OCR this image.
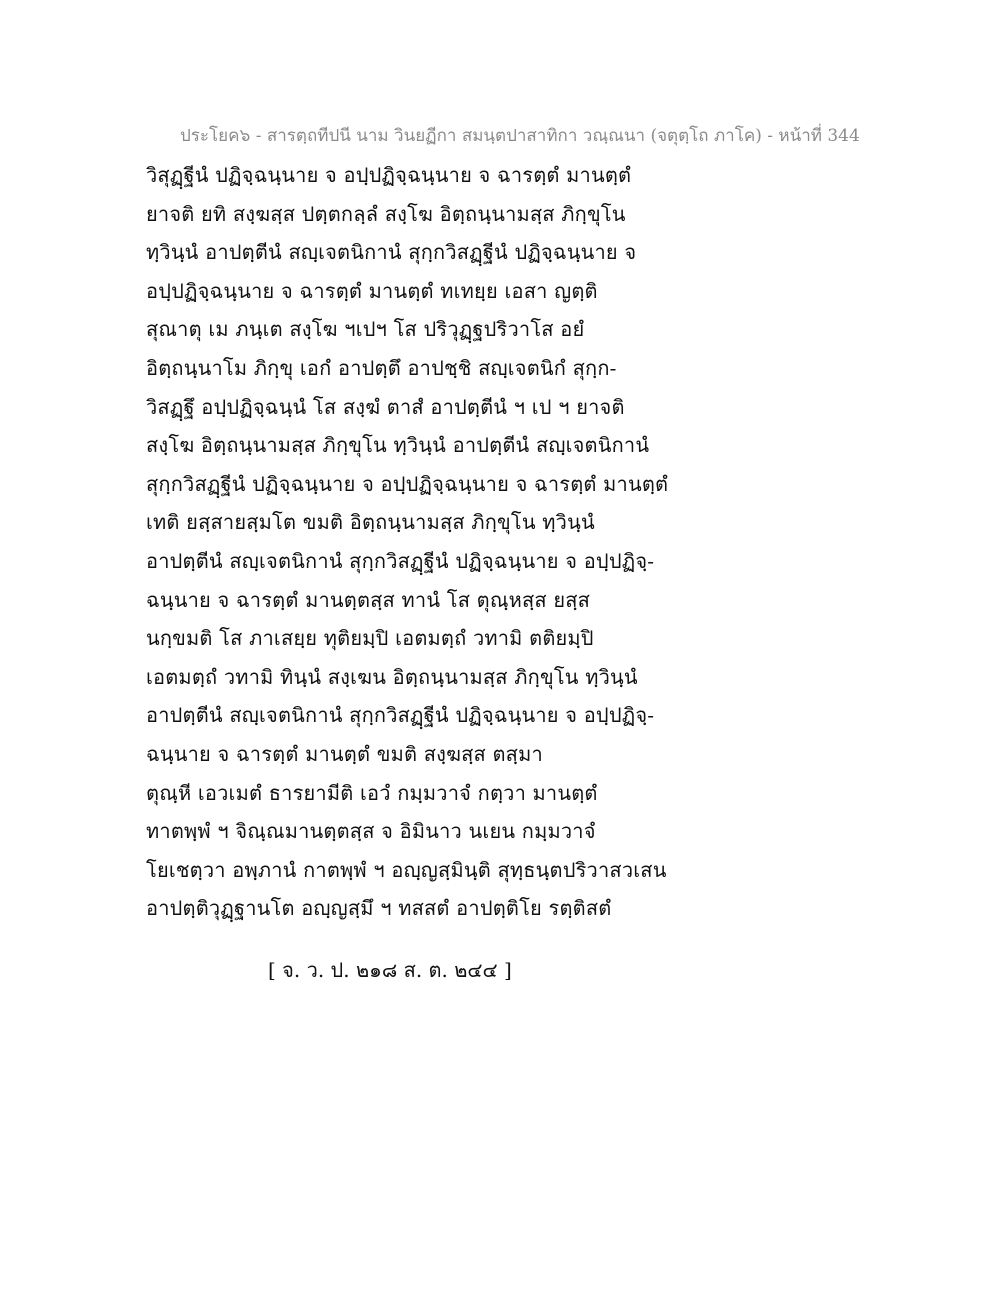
ประโยค๖ - สารตฺถทีปนี นาม วินยฏีกา สมนฺตปาสาทิกา วณฺณนา (จตุตฺโถ ภาโค) - หน้าที่ 344
วิสุฏฺฐีนํ ปฏิจฺฉนฺนาย จ อปฺปฏิจฺฉนฺนาย จ ฉารตฺตํ มานตฺตํ
ยาจติ ยทิ สงฺฆสฺส ปตฺตกลฺลํ สงฺโฆ อิตฺถนฺนามสฺส ภิกฺขุโน
ทฺวินฺนํ อาปตฺตีนํ สญฺเจตนิกานํ สุกฺกวิสฏฺฐีนํ ปฏิจฺฉนฺนาย จ
อปฺปฏิจฺฉนฺนาย จ ฉารตฺตํ มานตฺตํ ทเทยฺย เอสา ญตฺติ
สุณาตุ เม ภนฺเต สงฺโฆ ฯเปฯ โส ปริวุฏฺฐปริวาโส อยํ
อิตฺถนฺนาโม ภิกฺขุ เอกํ อาปตฺตึ อาปชฺชิ สญฺเจตนิกํ สุกฺก-
วิสฏฺฐึ อปฺปฏิจฺฉนฺนํ โส สงฺฆํ ตาสํ อาปตฺตีนํ ฯ เป ฯ ยาจติ
สงฺโฆ อิตฺถนฺนามสฺส ภิกฺขุโน ทฺวินฺนํ อาปตฺตีนํ สญฺเจตนิกานํ
สุกฺกวิสฏฺฐีนํ ปฏิจฺฉนฺนาย จ อปฺปฏิจฺฉนฺนาย จ ฉารตฺตํ มานตฺตํ
เทติ ยสฺสายสฺมโต ขมติ อิตฺถนฺนามสฺส ภิกฺขุโน ทฺวินฺนํ
อาปตฺตีนํ สญฺเจตนิกานํ สุกฺกวิสฏฺฐีนํ ปฏิจฺฉนฺนาย จ อปฺปฏิจฺ-
ฉนฺนาย จ ฉารตฺตํ มานตฺตสฺส ทานํ โส ตุณฺหสฺส ยสฺส
นกฺขมติ โส ภาเสยฺย ทุติยมฺปิ เอตมตฺถํ วทามิ ตติยมฺปิ
เอตมตฺถํ วทามิ ทินฺนํ สงฺเฆน อิตฺถนฺนามสฺส ภิกฺขุโน ทฺวินฺนํ
อาปตฺตีนํ สญฺเจตนิกานํ สุกฺกวิสฏฺฐีนํ ปฏิจฺฉนฺนาย จ อปฺปฏิจฺ-
ฉนฺนาย จ ฉารตฺตํ มานตฺตํ ขมติ สงฺฆสฺส ตสฺมา
ตุณฺหี เอวเมตํ ธารยามีติ เอวํ กมฺมวาจํ กตฺวา มานตฺตํ
ทาตพฺพํ ฯ จิณฺณมานตฺตสฺส จ อิมินาว นเยน กมฺมวาจํ
โยเชตฺวา อพฺภานํ กาตพฺพํ ฯ อญฺญสฺมินฺติ สุทฺธนฺตปริวาสวเสน
อาปตฺติวุฏฺฐานโต อญฺญสฺมึ ฯ ทสสตํ อาปตฺติโย รตฺติสตํ
[ จ. ว. ป. ๒๑๘ ส. ต. ๒๔๔ ]
